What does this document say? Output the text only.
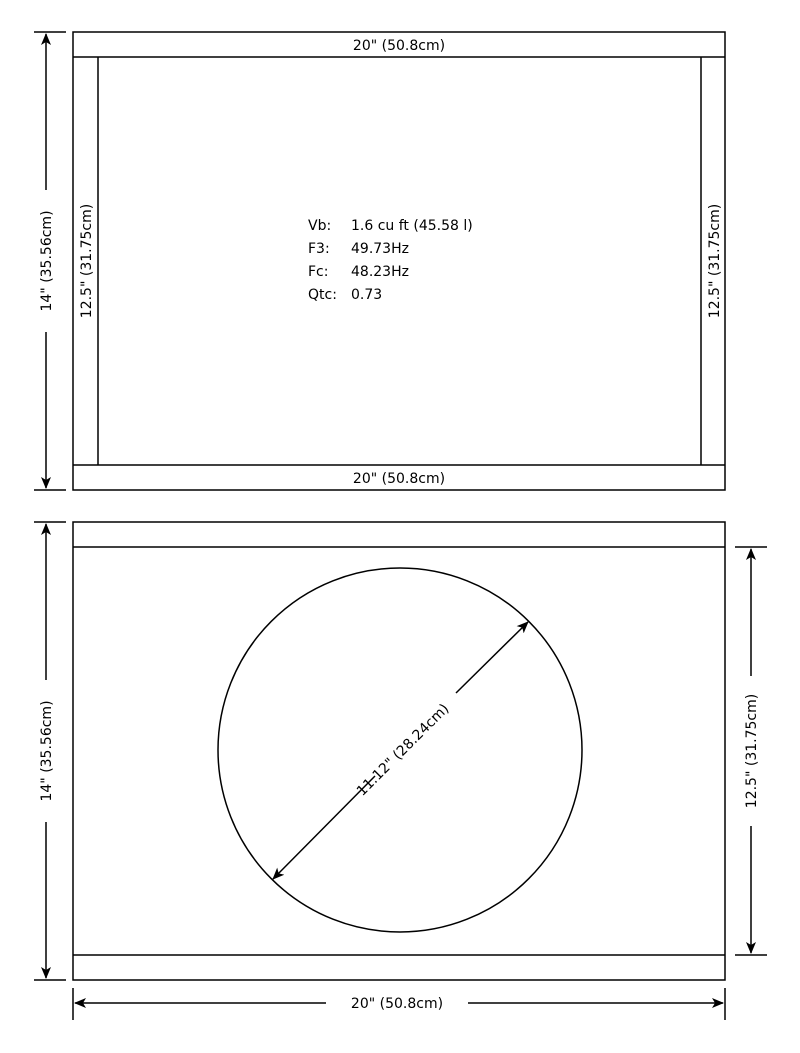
20" (50.8cm)
20" (50.8cm)
12.5" (31.75cm)	12.5" (31.75cm)
Vb: 1.6 cu ft (45.58 l)
F3: 49.73Hz
Fc: 48.23Hz
Qtc: 0.73
14" (35.56cm)
11.12" (28.24cm)
14" (35.56cm)	12.5" (31.75cm)
20" (50.8cm)
